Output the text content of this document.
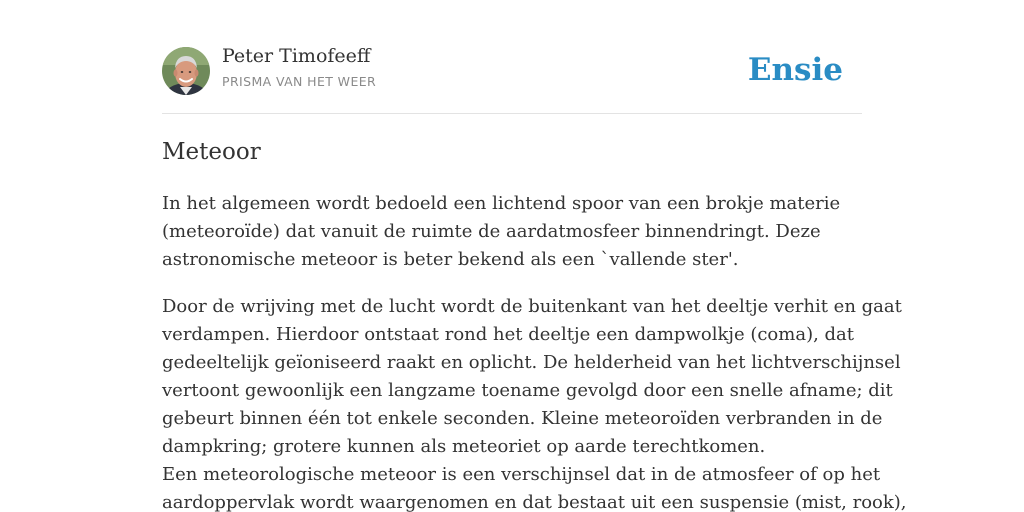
Peter Timofeeff
PRISMA VAN HET WEER	Ensie
Meteoor

In het algemeen wordt bedoeld een lichtend spoor van een brokje materie
(meteoroïde) dat vanuit de ruimte de aardatmosfeer binnendringt. Deze
astronomische meteoor is beter bekend als een `vallende ster'.

Door de wrijving met de lucht wordt de buitenkant van het deeltje verhit en gaat
verdampen. Hierdoor ontstaat rond het deeltje een dampwolkje (coma), dat
gedeeltelijk geïoniseerd raakt en oplicht. De helderheid van het lichtverschijnsel
vertoont gewoonlijk een langzame toename gevolgd door een snelle afname; dit
gebeurt binnen één tot enkele seconden. Kleine meteoroïden verbranden in de
dampkring; grotere kunnen als meteoriet op aarde terechtkomen.
Een meteorologische meteoor is een verschijnsel dat in de atmosfeer of op het
aardoppervlak wordt waargenomen en dat bestaat uit een suspensie (mist, rook),
